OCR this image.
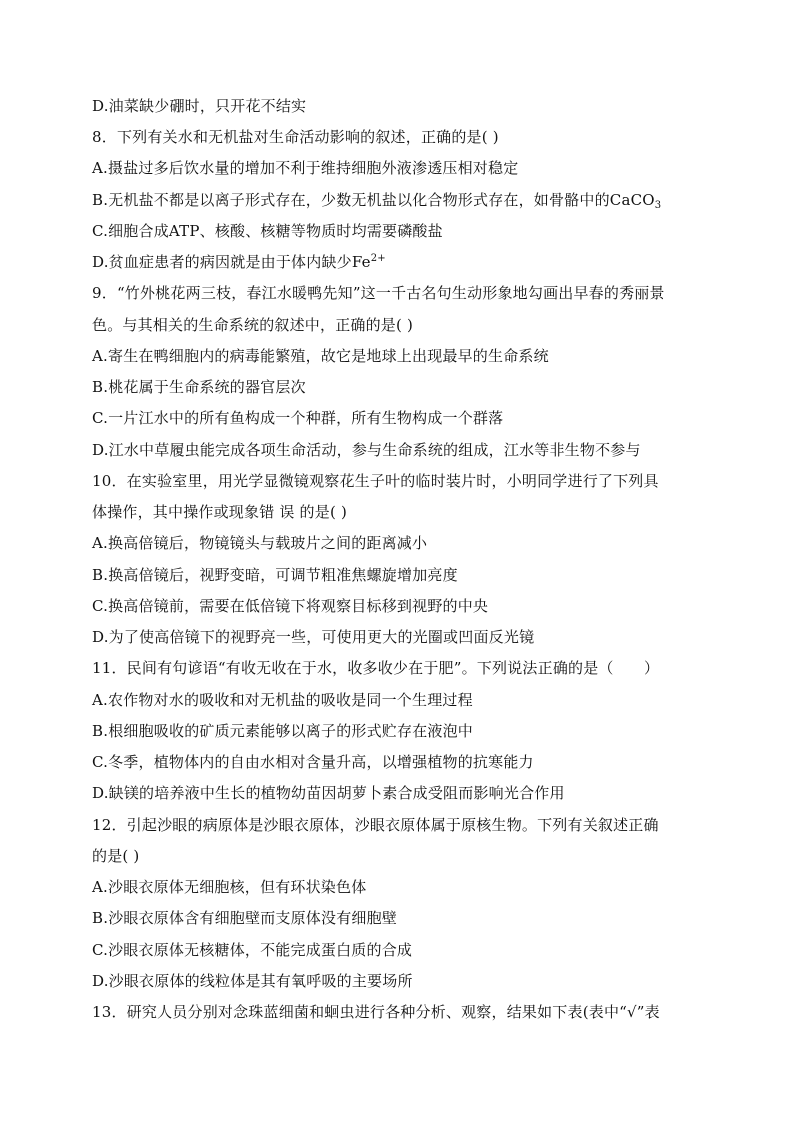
D.油菜缺少硼时，只开花不结实
8．下列有关水和无机盐对生命活动影响的叙述，正确的是( )
A.摄盐过多后饮水量的增加不利于维持细胞外液渗透压相对稳定
B.无机盐不都是以离子形式存在，少数无机盐以化合物形式存在，如骨骼中的CaCO$_3$
C.细胞合成ATP、核酸、核糖等物质时均需要磷酸盐
D.贫血症患者的病因就是由于体内缺少$Fe^{2+}$
9．“竹外桃花两三枝，春江水暖鸭先知”这一千古名句生动形象地勾画出早春的秀丽景
色。与其相关的生命系统的叙述中，正确的是( )
A.寄生在鸭细胞内的病毒能繁殖，故它是地球上出现最早的生命系统
B.桃花属于生命系统的器官层次
C.一片江水中的所有鱼构成一个种群，所有生物构成一个群落
D.江水中草履虫能完成各项生命活动，参与生命系统的组成，江水等非生物不参与
10．在实验室里，用光学显微镜观察花生子叶的临时装片时，小明同学进行了下列具
体操作，其中操作或现象错 误 的是( )
A.换高倍镜后，物镜镜头与载玻片之间的距离减小
B.换高倍镜后，视野变暗，可调节粗准焦螺旋增加亮度
C.换高倍镜前，需要在低倍镜下将观察目标移到视野的中央
D.为了使高倍镜下的视野亮一些，可使用更大的光圈或凹面反光镜
11．民间有句谚语“有收无收在于水，收多收少在于肥”。下列说法正确的是（　　）
A.农作物对水的吸收和对无机盐的吸收是同一个生理过程
B.根细胞吸收的矿质元素能够以离子的形式贮存在液泡中
C.冬季，植物体内的自由水相对含量升高，以增强植物的抗寒能力
D.缺镁的培养液中生长的植物幼苗因胡萝卜素合成受阻而影响光合作用
12．引起沙眼的病原体是沙眼衣原体，沙眼衣原体属于原核生物。下列有关叙述正确
的是( )
A.沙眼衣原体无细胞核，但有环状染色体
B.沙眼衣原体含有细胞壁而支原体没有细胞壁
C.沙眼衣原体无核糖体，不能完成蛋白质的合成
D.沙眼衣原体的线粒体是其有氧呼吸的主要场所
13．研究人员分别对念珠蓝细菌和蛔虫进行各种分析、观察，结果如下表(表中“√”表
